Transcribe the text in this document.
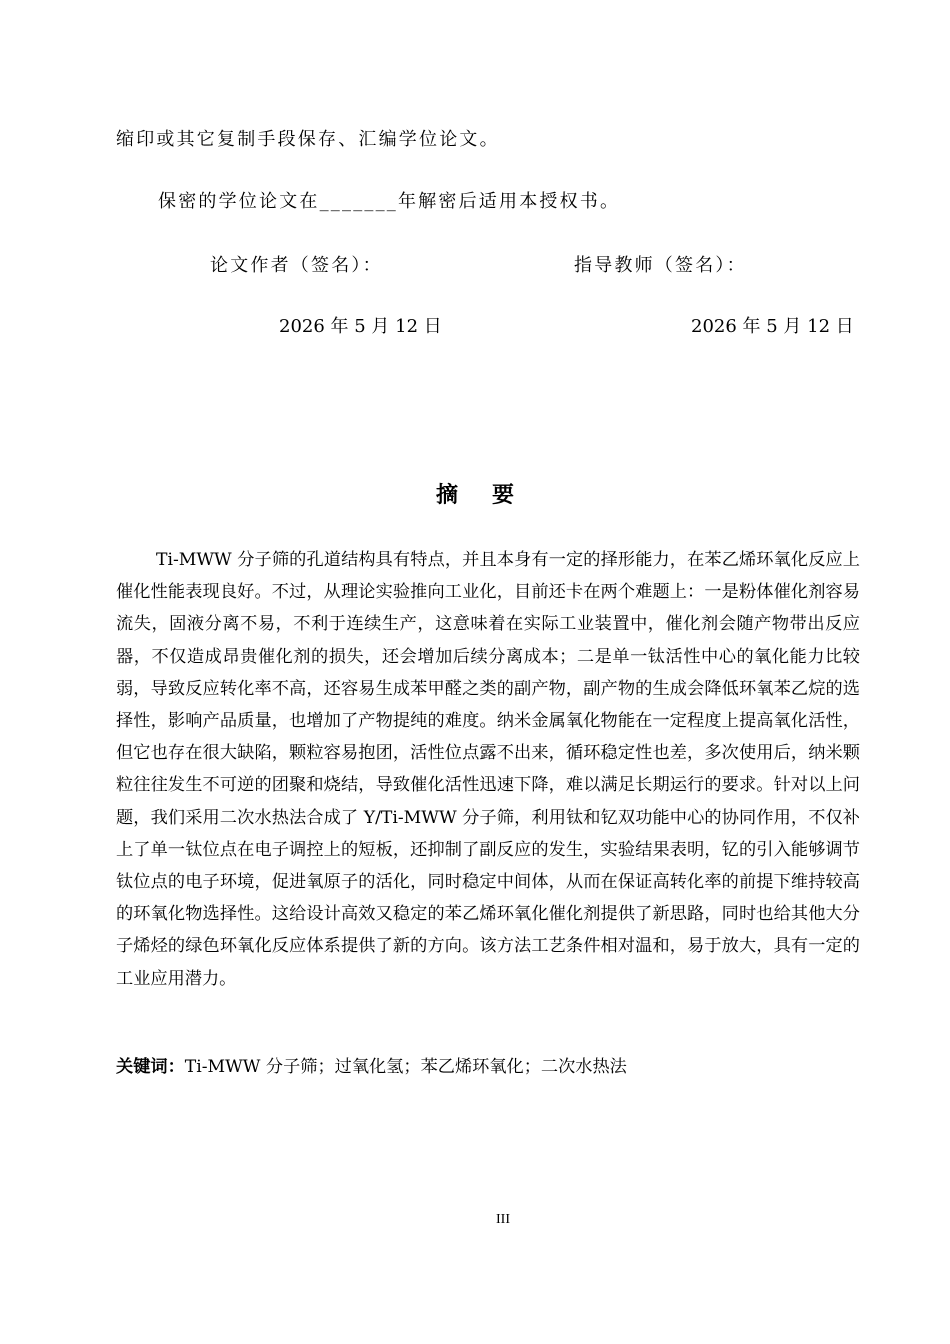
缩印或其它复制手段保存、汇编学位论文。
保密的学位论文在_______年解密后适用本授权书。
论文作者（签名）：	指导教师（签名）：
2026 年 5 月 12 日	2026 年 5 月 12 日
摘要

Ti-MWW 分子筛的孔道结构具有特点，并且本身有一定的择形能力，在苯乙烯环氧化反应上催化性能表现良好。不过，从理论实验推向工业化，目前还卡在两个难题上：一是粉体催化剂容易流失，固液分离不易，不利于连续生产，这意味着在实际工业装置中，催化剂会随产物带出反应器，不仅造成昂贵催化剂的损失，还会增加后续分离成本；二是单一钛活性中心的氧化能力比较弱，导致反应转化率不高，还容易生成苯甲醛之类的副产物，副产物的生成会降低环氧苯乙烷的选择性，影响产品质量，也增加了产物提纯的难度。纳米金属氧化物能在一定程度上提高氧化活性，但它也存在很大缺陷，颗粒容易抱团，活性位点露不出来，循环稳定性也差，多次使用后，纳米颗粒往往发生不可逆的团聚和烧结，导致催化活性迅速下降，难以满足长期运行的要求。针对以上问题，我们采用二次水热法合成了 Y/Ti-MWW 分子筛，利用钛和钇双功能中心的协同作用，不仅补上了单一钛位点在电子调控上的短板，还抑制了副反应的发生，实验结果表明，钇的引入能够调节钛位点的电子环境，促进氧原子的活化，同时稳定中间体，从而在保证高转化率的前提下维持较高的环氧化物选择性。这给设计高效又稳定的苯乙烯环氧化催化剂提供了新思路，同时也给其他大分子烯烃的绿色环氧化反应体系提供了新的方向。该方法工艺条件相对温和，易于放大，具有一定的工业应用潜力。

关键词：Ti-MWW 分子筛；过氧化氢；苯乙烯环氧化；二次水热法
III
